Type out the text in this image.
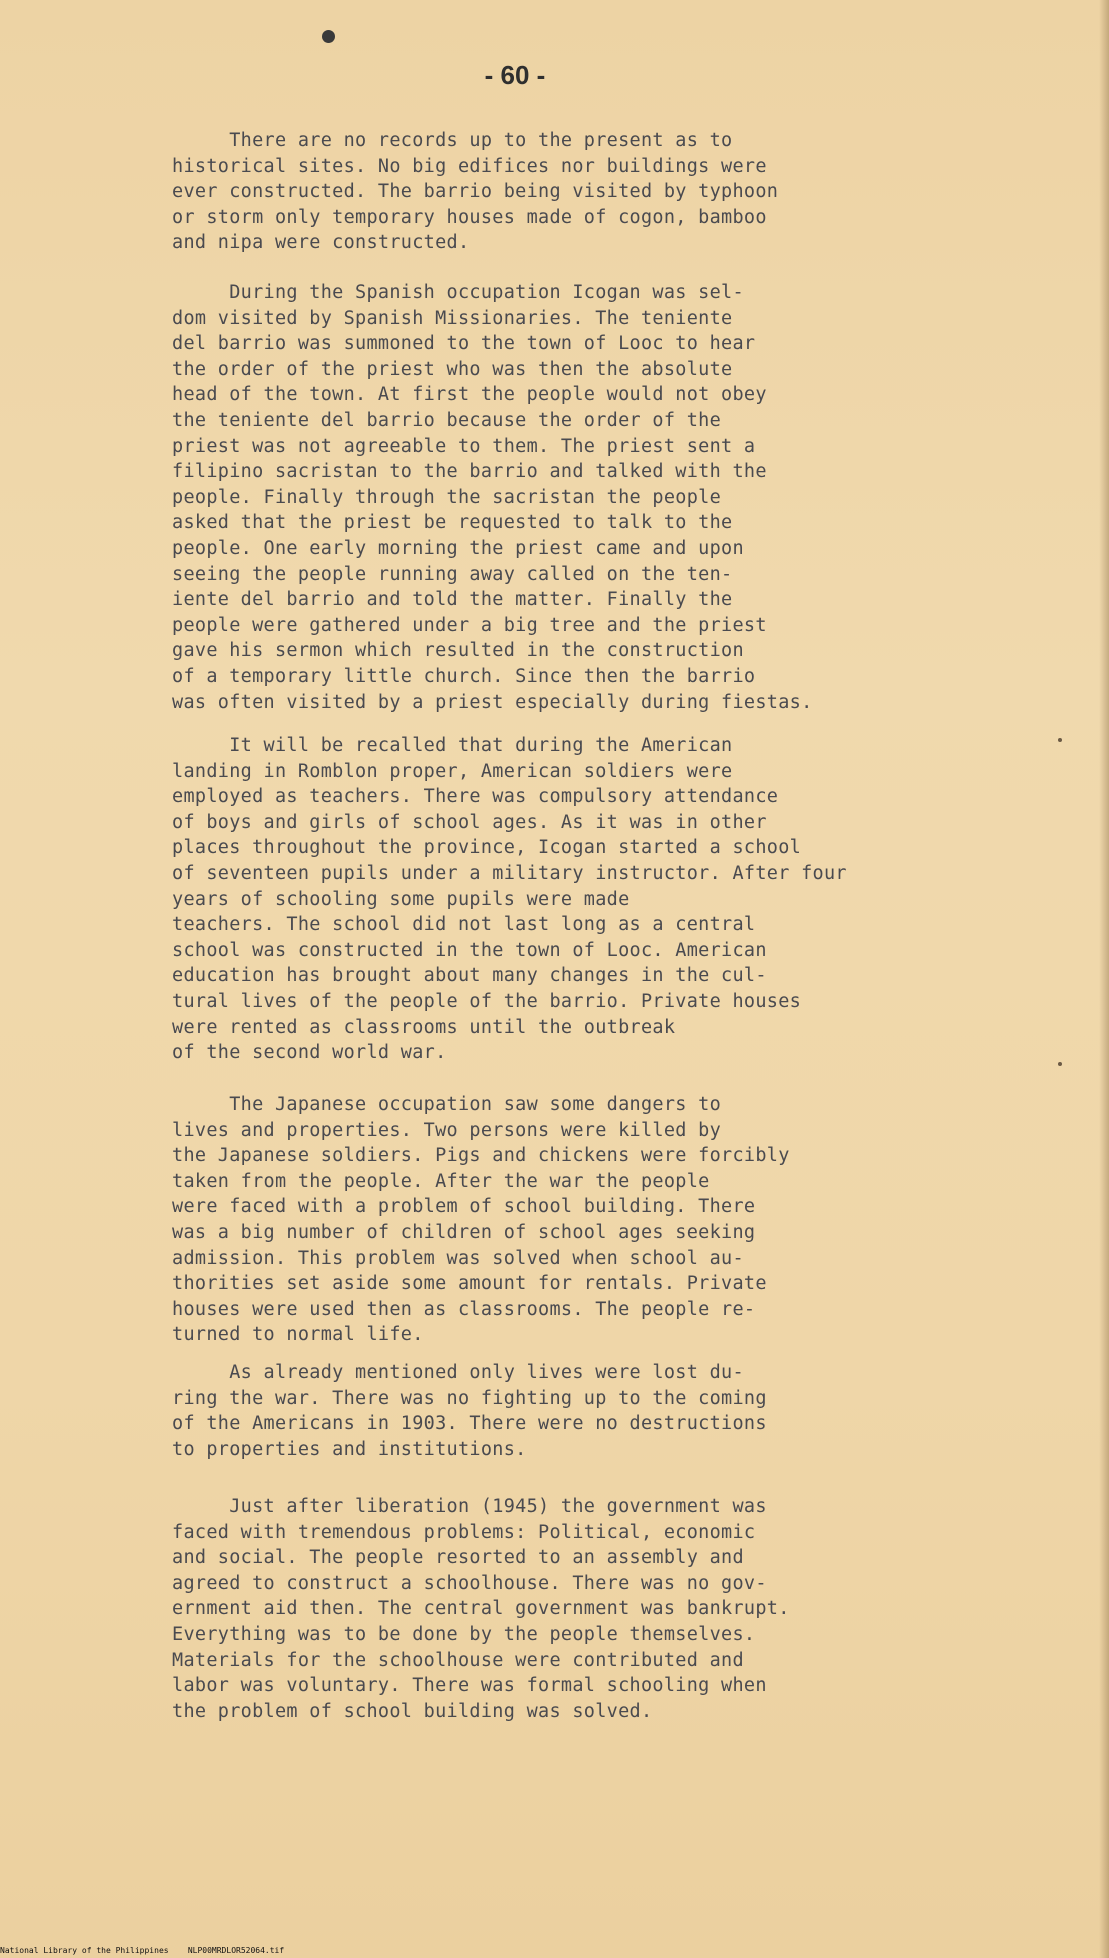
- 60 -

There are no records up to the present as to
historical sites. No big edifices nor buildings were
ever constructed. The barrio being visited by typhoon
or storm only temporary houses made of cogon, bamboo
and nipa were constructed.

During the Spanish occupation Icogan was sel-
dom visited by Spanish Missionaries. The teniente
del barrio was summoned to the town of Looc to hear
the order of the priest who was then the absolute
head of the town. At first the people would not obey
the teniente del barrio because the order of the
priest was not agreeable to them. The priest sent a
filipino sacristan to the barrio and talked with the
people. Finally through the sacristan the people
asked that the priest be requested to talk to the
people. One early morning the priest came and upon
seeing the people running away called on the ten-
iente del barrio and told the matter. Finally the
people were gathered under a big tree and the priest
gave his sermon which resulted in the construction
of a temporary little church. Since then the barrio
was often visited by a priest especially during fiestas.

It will be recalled that during the American
landing in Romblon proper, American soldiers were
employed as teachers. There was compulsory attendance
of boys and girls of school ages. As it was in other
places throughout the province, Icogan started a school
of seventeen pupils under a military instructor. After four
years of schooling some pupils were made
teachers. The school did not last long as a central
school was constructed in the town of Looc. American
education has brought about many changes in the cul-
tural lives of the people of the barrio. Private houses
were rented as classrooms until the outbreak
of the second world war.

The Japanese occupation saw some dangers to
lives and properties. Two persons were killed by
the Japanese soldiers. Pigs and chickens were forcibly
taken from the people. After the war the people
were faced with a problem of school building. There
was a big number of children of school ages seeking
admission. This problem was solved when school au-
thorities set aside some amount for rentals. Private
houses were used then as classrooms. The people re-
turned to normal life.

As already mentioned only lives were lost du-
ring the war. There was no fighting up to the coming
of the Americans in 1903. There were no destructions
to properties and institutions.

Just after liberation (1945) the government was
faced with tremendous problems: Political, economic
and social. The people resorted to an assembly and
agreed to construct a schoolhouse. There was no gov-
ernment aid then. The central government was bankrupt.
Everything was to be done by the people themselves.
Materials for the schoolhouse were contributed and
labor was voluntary. There was formal schooling when
the problem of school building was solved.

National Library of the Philippines    NLP00MRDLOR52064.tif
